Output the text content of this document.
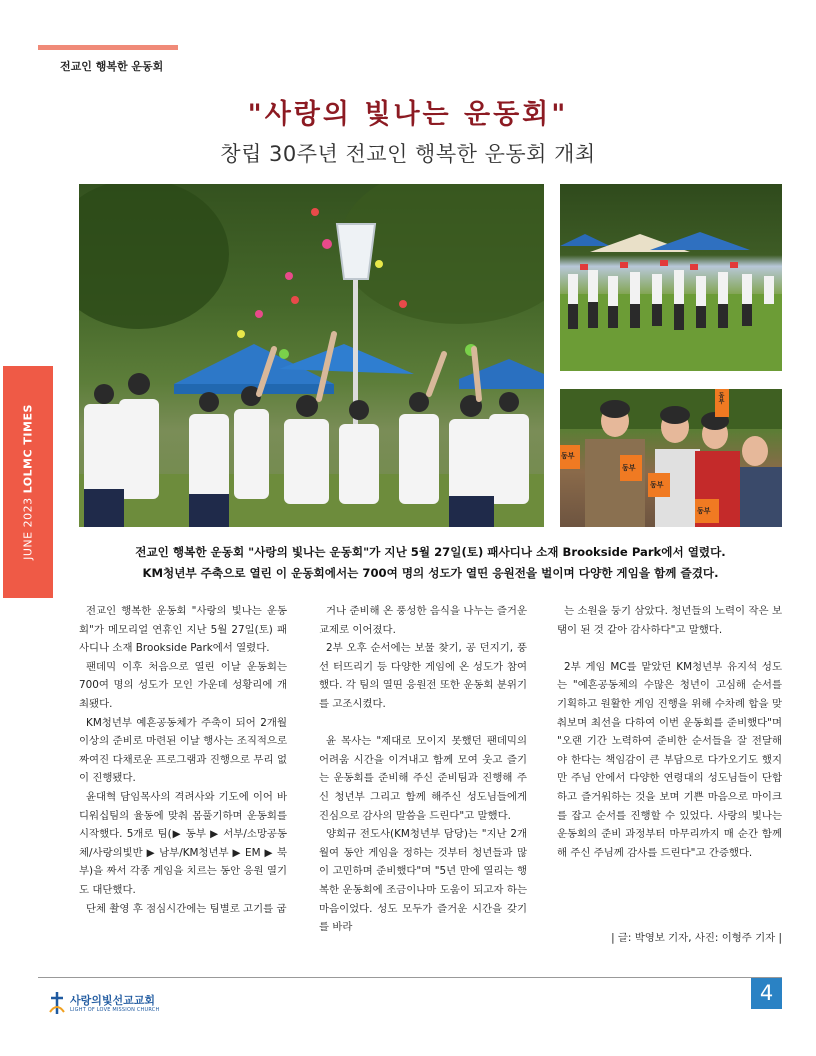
전교인 행복한 운동회
JUNE 2023 LOLMC TIMES
"사랑의 빛나는 운동회"
창립 30주년 전교인 행복한 운동회 개최
동부
동부
동부
동부
동부
전교인 행복한 운동회 "사랑의 빛나는 운동회"가 지난 5월 27일(토) 패사디나 소재 Brookside Park에서 열렸다.
KM청년부 주축으로 열린 이 운동회에서는 700여 명의 성도가 열띤 응원전을 벌이며 다양한 게임을 함께 즐겼다.

전교인 행복한 운동회 "사랑의 빛나는 운동회"가 메모리얼 연휴인 지난 5월 27일(토) 패사디나 소재 Brookside Park에서 열렸다.

팬데믹 이후 처음으로 열린 이날 운동회는 700여 명의 성도가 모인 가운데 성황리에 개최됐다.

KM청년부 예흔공동체가 주축이 되어 2개월 이상의 준비로 마련된 이날 행사는 조직적으로 짜여진 다채로운 프로그램과 진행으로 무리 없이 진행됐다.

윤대혁 담임목사의 격려사와 기도에 이어 바디워십팀의 율동에 맞춰 몸풀기하며 운동회를 시작했다. 5개로 팀(▶ 동부 ▶ 서부/소망공동체/사랑의빛반 ▶ 남부/KM청년부 ▶ EM ▶ 북부)을 짜서 각종 게임을 치르는 동안 응원 열기도 대단했다.

단체 촬영 후 점심시간에는 팀별로 고기를 굽

거나 준비해 온 풍성한 음식을 나누는 즐거운 교제로 이어졌다.

2부 오후 순서에는 보물 찾기, 공 던지기, 풍선 터뜨리기 등 다양한 게임에 온 성도가 참여했다. 각 팀의 열띤 응원전 또한 운동회 분위기를 고조시켰다.

윤 목사는 "제대로 모이지 못했던 팬데믹의 어려움 시간을 이겨내고 함께 모여 웃고 즐기는 운동회를 준비해 주신 준비팀과 진행해 주신 청년부 그리고 함께 해주신 성도님들에게 진심으로 감사의 말씀을 드린다"고 말했다.

양희규 전도사(KM청년부 담당)는 "지난 2개월여 동안 게임을 정하는 것부터 청년들과 많이 고민하며 준비했다"며 "5년 만에 열리는 행복한 운동회에 조금이나마 도움이 되고자 하는 마음이었다. 성도 모두가 즐거운 시간을 갖기를 바라

는 소원을 둥기 삼았다. 청년들의 노력이 작은 보탬이 된 것 같아 감사하다"고 말했다.

2부 게임 MC를 맡았던 KM청년부 유지석 성도는 "예흔공동체의 수많은 청년이 고심해 순서를 기획하고 원활한 게임 진행을 위해 수차례 합을 맞춰보며 최선을 다하여 이번 운동회를 준비했다"며 "오랜 기간 노력하여 준비한 순서들을 잘 전달해야 한다는 책임감이 큰 부담으로 다가오기도 했지만 주님 안에서 다양한 연령대의 성도님들이 단합하고 즐거워하는 것을 보며 기쁜 마음으로 마이크를 잡고 순서를 진행할 수 있었다. 사랑의 빛나는 운동회의 준비 과정부터 마무리까지 매 순간 함께해 주신 주님께 감사를 드린다"고 간증했다.

| 글: 박영보 기자, 사진: 이형주 기자 |
사랑의빛선교교회
LIGHT OF LOVE MISSION CHURCH
4
